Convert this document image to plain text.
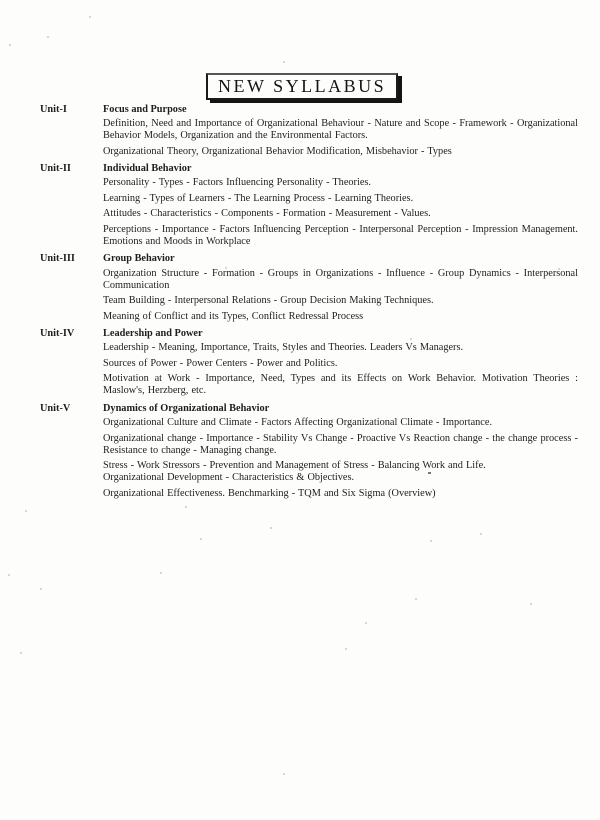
NEW SYLLABUS
Unit-I	Focus and Purpose

Definition, Need and Importance of Organizational Behaviour - Nature and Scope - Framework - Organizational Behavior Models, Organization and the Environmental Factors.

Organizational Theory, Organizational Behavior Modification, Misbehavior - Types

Unit-II	Individual Behavior

Personality - Types - Factors Influencing Personality - Theories.

Learning - Types of Learners - The Learning Process - Learning Theories.

Attitudes - Characteristics - Components - Formation - Measurement - Values.

Perceptions - Importance - Factors Influencing Perception - Interpersonal Perception - Impression Management. Emotions and Moods in Workplace

Unit-III	Group Behavior

Organization Structure - Formation - Groups in Organizations - Influence - Group Dynamics - Interpersonal Communication

Team Building - Interpersonal Relations - Group Decision Making Techniques.

Meaning of Conflict and its Types, Conflict Redressal Process

Unit-IV	Leadership and Power

Leadership - Meaning, Importance, Traits, Styles and Theories. Leaders Vs Managers.

Sources of Power - Power Centers - Power and Politics.

Motivation at Work - Importance, Need, Types and its Effects on Work Behavior. Motivation Theories : Maslow's, Herzberg, etc.

Unit-V	Dynamics of Organizational Behavior

Organizational Culture and Climate - Factors Affecting Organizational Climate - Importance.

Organizational change - Importance - Stability Vs Change - Proactive Vs Reaction change - the change process - Resistance to change - Managing change.

Stress - Work Stressors - Prevention and Management of Stress - Balancing Work and Life.

Organizational Development - Characteristics & Objectives.

Organizational Effectiveness. Benchmarking - TQM and Six Sigma (Overview)
